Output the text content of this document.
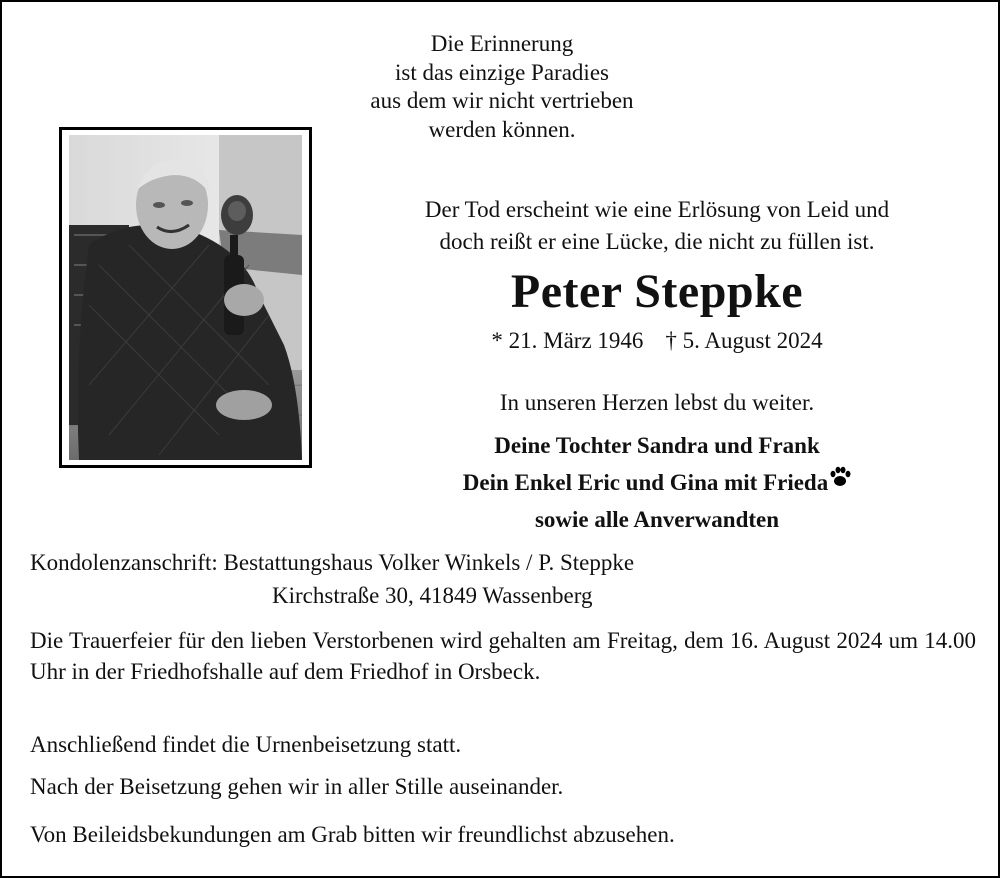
Die Erinnerung
ist das einzige Paradies
aus dem wir nicht vertrieben
werden können.
Der Tod erscheint wie eine Erlösung von Leid und
doch reißt er eine Lücke, die nicht zu füllen ist.
Peter Steppke
* 21. März 1946 † 5. August 2024
In unseren Herzen lebst du weiter.
Deine Tochter Sandra und Frank
Dein Enkel Eric und Gina mit Frieda
sowie alle Anverwandten
Kondolenzanschrift: Bestattungshaus Volker Winkels / P. Steppke
Kirchstraße 30, 41849 Wassenberg
Die Trauerfeier für den lieben Verstorbenen wird gehalten am Freitag, dem 16. August 2024 um 14.00 Uhr in der Friedhofshalle auf dem Friedhof in Orsbeck.
Anschließend findet die Urnenbeisetzung statt.
Nach der Beisetzung gehen wir in aller Stille auseinander.
Von Beileidsbekundungen am Grab bitten wir freundlichst abzusehen.
